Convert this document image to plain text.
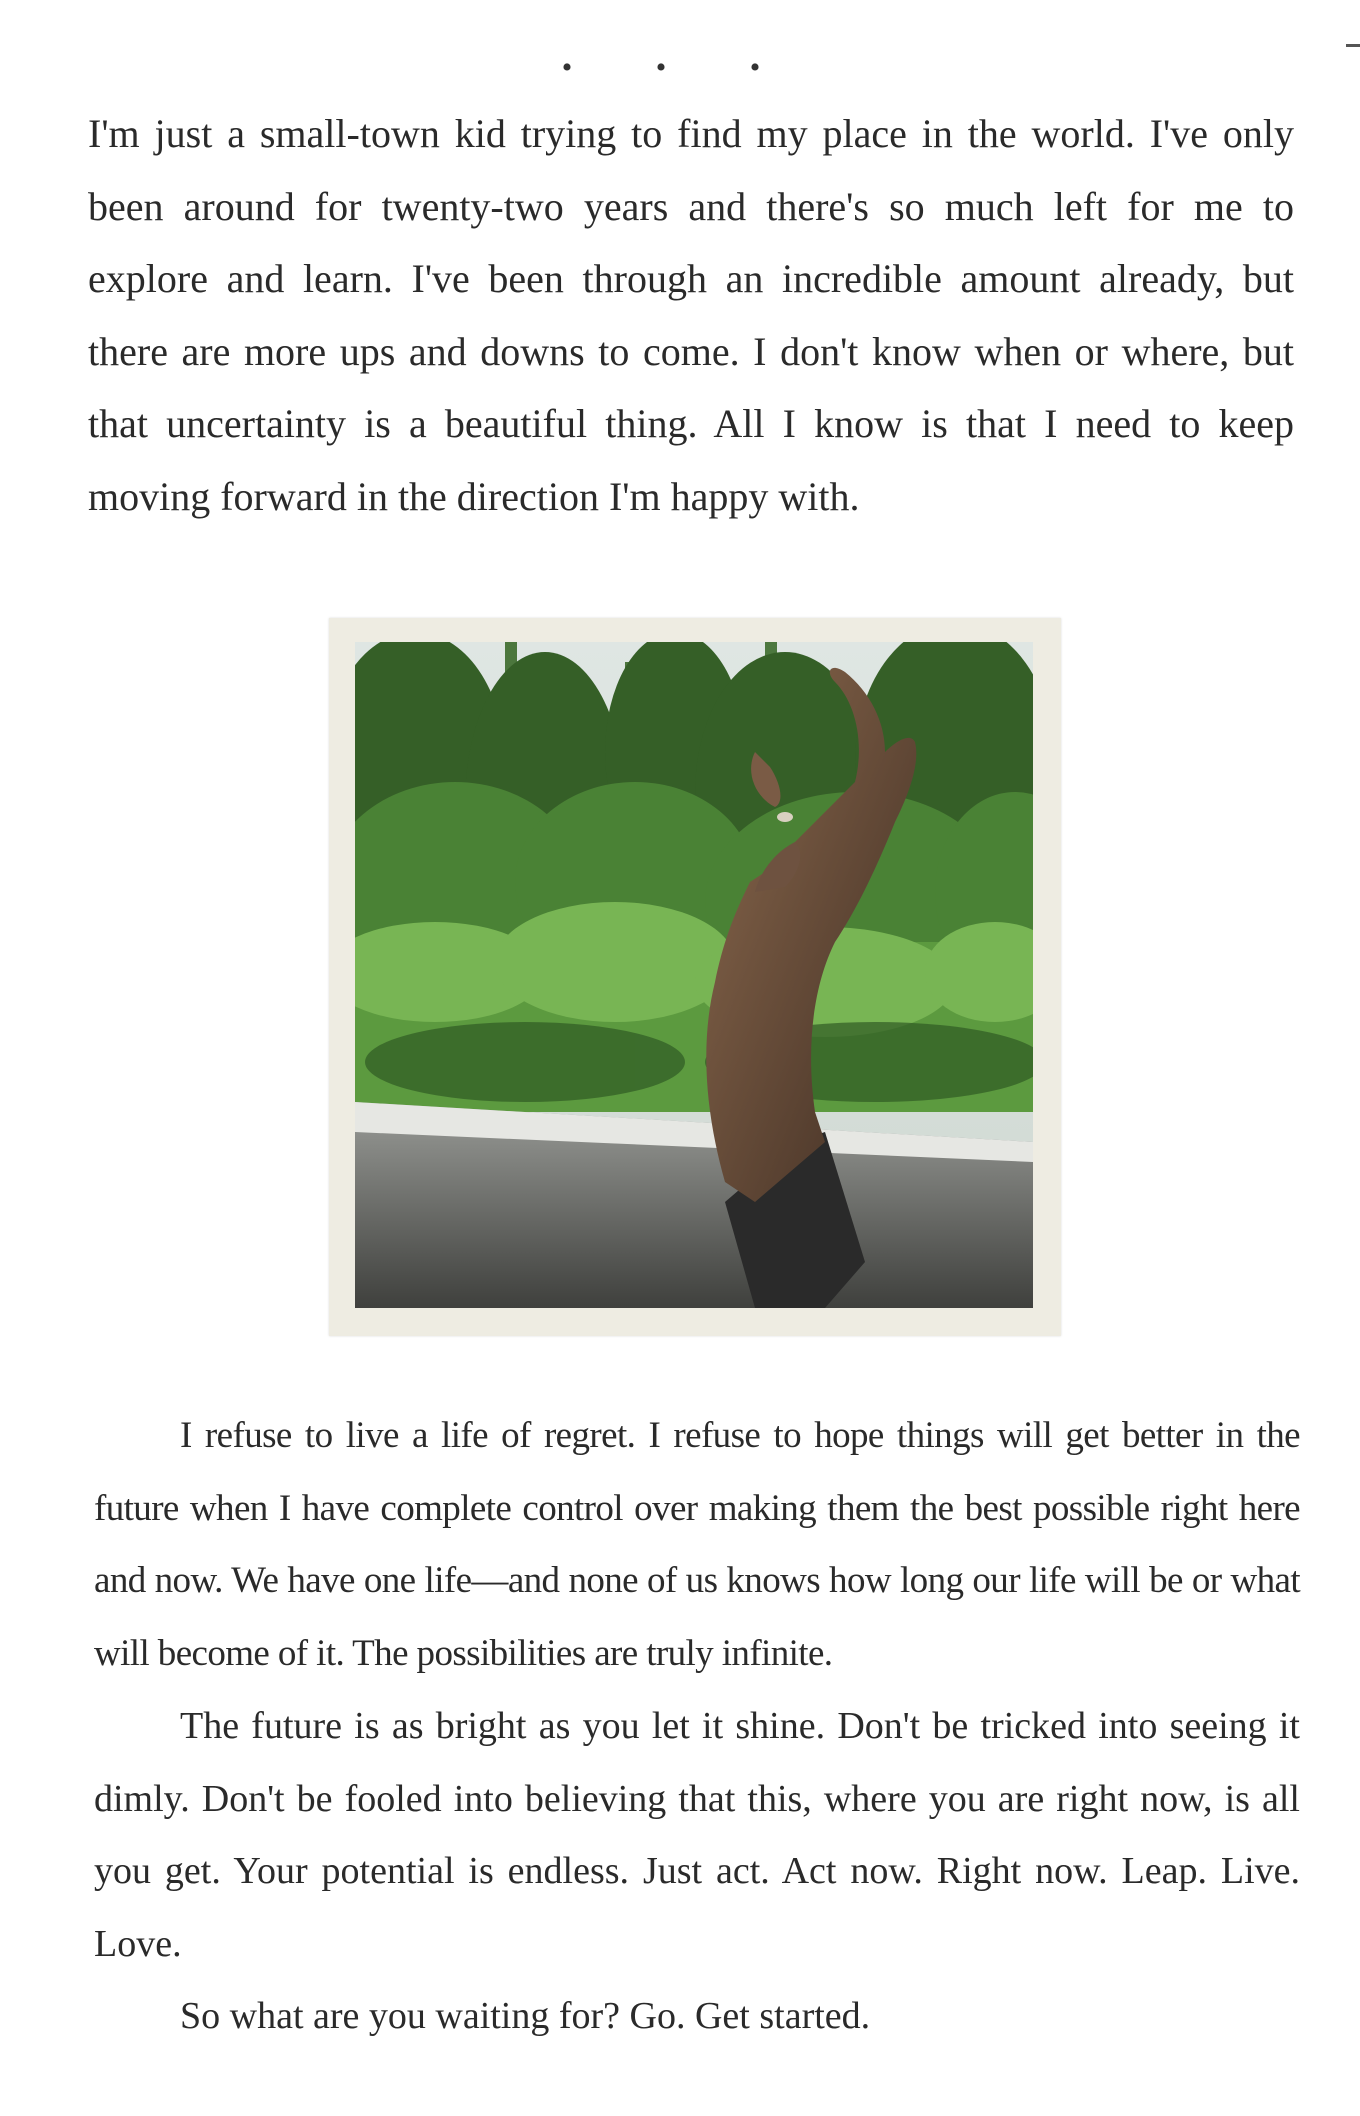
• • •

I'm just a small-town kid trying to find my place in the world. I've only been around for twenty-two years and there's so much left for me to explore and learn. I've been through an incredible amount already, but there are more ups and downs to come. I don't know when or where, but that uncertainty is a beautiful thing. All I know is that I need to keep moving forward in the direction I'm happy with.

I refuse to live a life of regret. I refuse to hope things will get better in the future when I have complete control over making them the best possible right here and now. We have one life—and none of us knows how long our life will be or what will become of it. The possibilities are truly infinite.

The future is as bright as you let it shine. Don't be tricked into seeing it dimly. Don't be fooled into believing that this, where you are right now, is all you get. Your potential is endless. Just act. Act now. Right now. Leap. Live. Love.

So what are you waiting for? Go. Get started.
